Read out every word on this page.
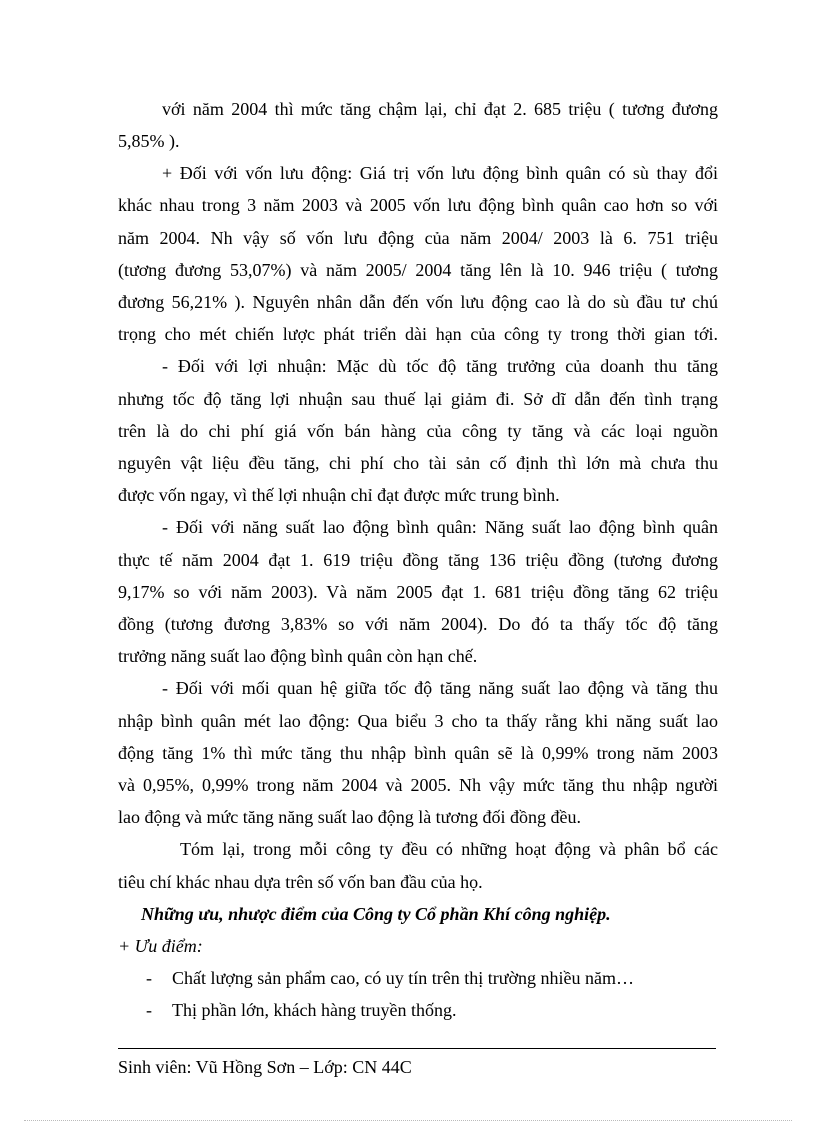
với năm 2004 thì mức tăng chậm lại, chỉ đạt 2. 685 triệu ( tương đương
5,85% ).
+ Đối với vốn lưu động: Giá trị vốn lưu động bình quân có sù thay đổi
khác nhau trong 3 năm 2003 và 2005 vốn lưu động bình quân cao hơn so với
năm 2004. Nh vậy số vốn lưu động của năm 2004/ 2003 là 6. 751 triệu
(tương đương 53,07%) và năm 2005/ 2004 tăng lên là 10. 946 triệu ( tương
đương 56,21% ). Nguyên nhân dẫn đến vốn lưu động cao là do sù đầu tư chú
trọng cho mét chiến lược phát triển dài hạn của công ty trong thời gian tới.
- Đối với lợi nhuận: Mặc dù tốc độ tăng trưởng của doanh thu tăng
nhưng tốc độ tăng lợi nhuận sau thuế lại giảm đi. Sở dĩ dẫn đến tình trạng
trên là do chi phí giá vốn bán hàng của công ty tăng và các loại nguồn
nguyên vật liệu đều tăng, chi phí cho tài sản cố định thì lớn mà chưa thu
được vốn ngay, vì thế lợi nhuận chỉ đạt được mức trung bình.
- Đối với năng suất lao động bình quân: Năng suất lao động bình quân
thực tế năm 2004 đạt 1. 619 triệu đồng tăng 136 triệu đồng (tương đương
9,17% so với năm 2003). Và năm 2005 đạt 1. 681 triệu đồng tăng 62 triệu
đồng (tương đương 3,83% so với năm 2004). Do đó ta thấy tốc độ tăng
trưởng năng suất lao động bình quân còn hạn chế.
- Đối với mối quan hệ giữa tốc độ tăng năng suất lao động và tăng thu
nhập bình quân mét lao động: Qua biểu 3 cho ta thấy rằng khi năng suất lao
động tăng 1% thì mức tăng thu nhập bình quân sẽ là 0,99% trong năm 2003
và 0,95%, 0,99% trong năm 2004 và 2005. Nh vậy mức tăng thu nhập người
lao động và mức tăng năng suất lao động là tương đối đồng đều.
Tóm lại, trong mỗi công ty đều có những hoạt động và phân bổ các
tiêu chí khác nhau dựa trên số vốn ban đầu của họ.
Những ưu, nhược điểm của Công ty Cổ phần Khí công nghiệp.
+ Ưu điểm:
- Chất lượng sản phẩm cao, có uy tín trên thị trường nhiều năm…
- Thị phần lớn, khách hàng truyền thống.
Sinh viên: Vũ Hồng Sơn – Lớp: CN 44C
